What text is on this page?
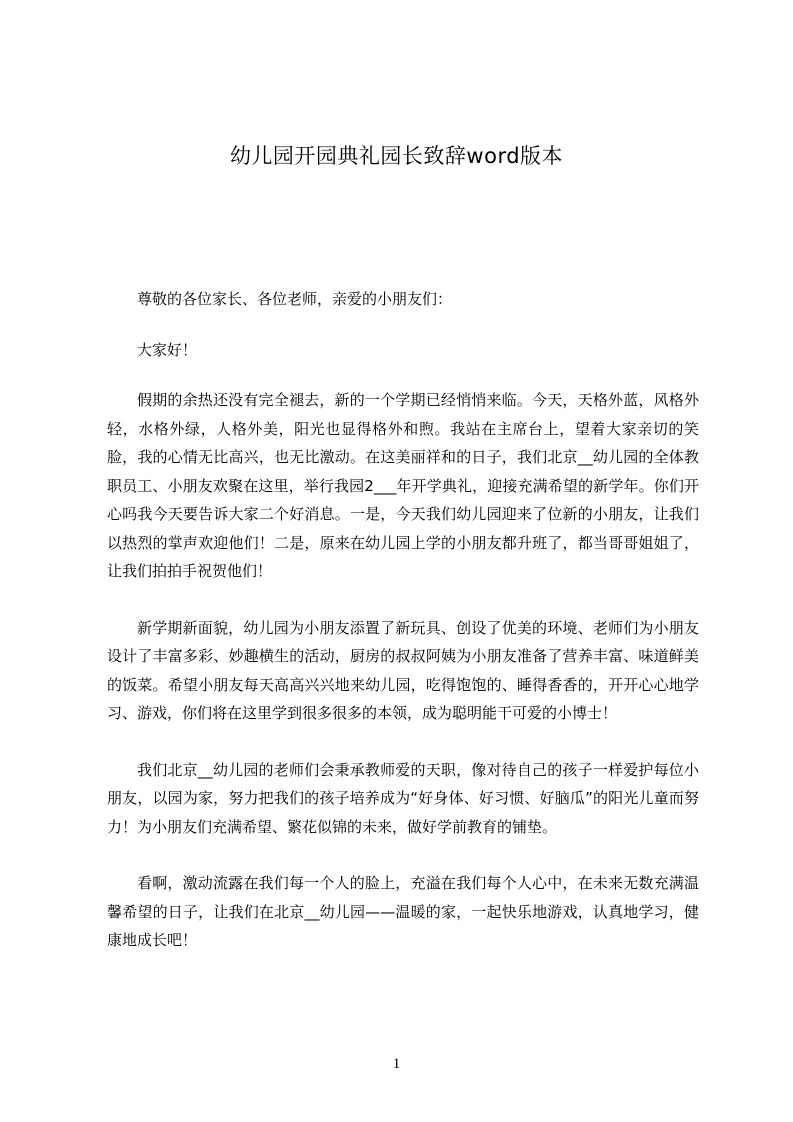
幼儿园开园典礼园长致辞word版本

尊敬的各位家长、各位老师，亲爱的小朋友们：

大家好！

假期的余热还没有完全褪去，新的一个学期已经悄悄来临。今天，天格外蓝，风格外轻，水格外绿，人格外美，阳光也显得格外和煦。我站在主席台上，望着大家亲切的笑脸，我的心情无比高兴，也无比激动。在这美丽祥和的日子，我们北京__幼儿园的全体教职员工、小朋友欢聚在这里，举行我园2___年开学典礼，迎接充满希望的新学年。你们开心吗我今天要告诉大家二个好消息。一是，今天我们幼儿园迎来了位新的小朋友，让我们以热烈的掌声欢迎他们！二是，原来在幼儿园上学的小朋友都升班了，都当哥哥姐姐了，让我们拍拍手祝贺他们！

新学期新面貌，幼儿园为小朋友添置了新玩具、创设了优美的环境、老师们为小朋友设计了丰富多彩、妙趣横生的活动，厨房的叔叔阿姨为小朋友准备了营养丰富、味道鲜美的饭菜。希望小朋友每天高高兴兴地来幼儿园，吃得饱饱的、睡得香香的，开开心心地学习、游戏，你们将在这里学到很多很多的本领，成为聪明能干可爱的小博士！

我们北京__幼儿园的老师们会秉承教师爱的天职，像对待自己的孩子一样爱护每位小朋友，以园为家，努力把我们的孩子培养成为“好身体、好习惯、好脑瓜”的阳光儿童而努力！为小朋友们充满希望、繁花似锦的未来，做好学前教育的铺垫。

看啊，激动流露在我们每一个人的脸上，充溢在我们每个人心中，在未来无数充满温馨希望的日子，让我们在北京__幼儿园——温暖的家，一起快乐地游戏，认真地学习，健康地成长吧！

1
